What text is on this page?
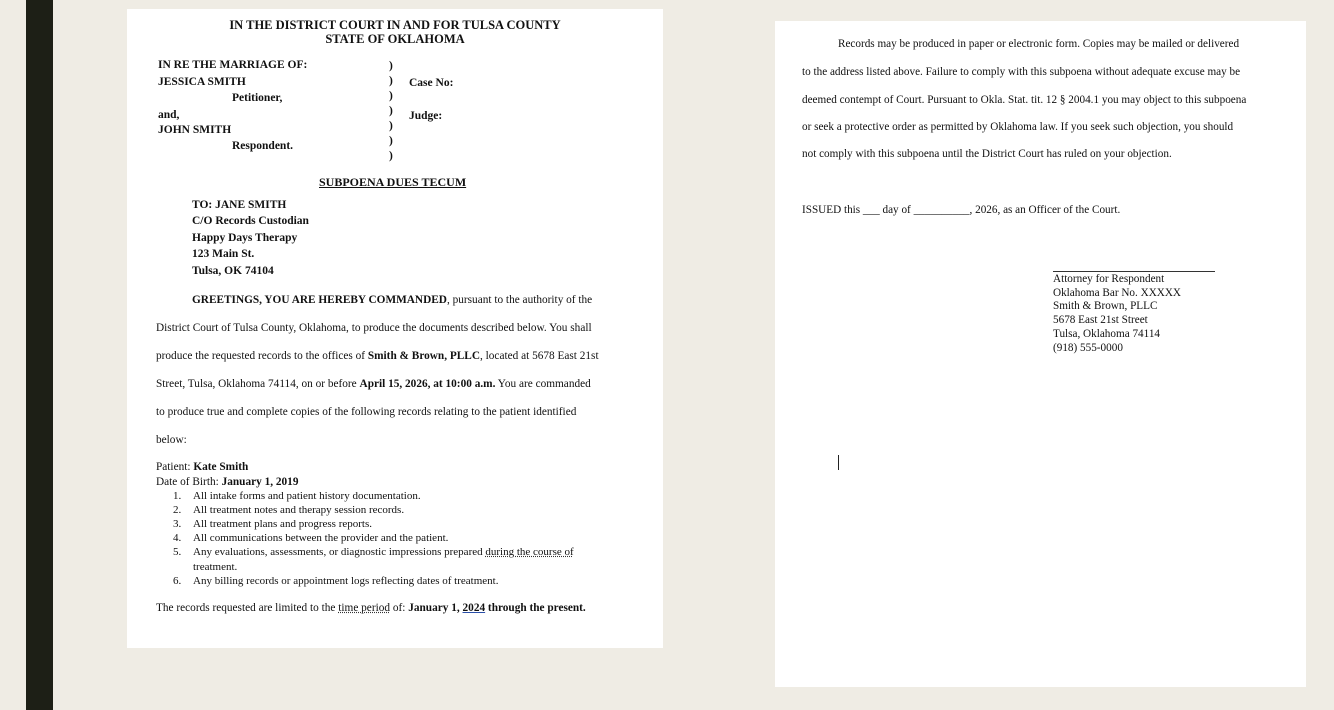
IN THE DISTRICT COURT IN AND FOR TULSA COUNTY
STATE OF OKLAHOMA
IN RE THE MARRIAGE OF:
JESSICA SMITH
Petitioner,
and,
JOHN SMITH
Respondent.
)
)
)
)
)
)
)
Case No:
Judge:
SUBPOENA DUES TECUM
TO: JANE SMITH
C/O Records Custodian
Happy Days Therapy
123 Main St.
Tulsa, OK 74104
GREETINGS, YOU ARE HEREBY COMMANDED, pursuant to the authority of the
District Court of Tulsa County, Oklahoma, to produce the documents described below. You shall
produce the requested records to the offices of Smith & Brown, PLLC, located at 5678 East 21st
Street, Tulsa, Oklahoma 74114, on or before April 15, 2026, at 10:00 a.m. You are commanded
to produce true and complete copies of the following records relating to the patient identified
below:
Patient: Kate Smith
Date of Birth: January 1, 2019
1. All intake forms and patient history documentation.
2. All treatment notes and therapy session records.
3. All treatment plans and progress reports.
4. All communications between the provider and the patient.
5. Any evaluations, assessments, or diagnostic impressions prepared during the course of
treatment.
6. Any billing records or appointment logs reflecting dates of treatment.
The records requested are limited to the time period of: January 1, 2024 through the present.
Records may be produced in paper or electronic form. Copies may be mailed or delivered
to the address listed above. Failure to comply with this subpoena without adequate excuse may be
deemed contempt of Court. Pursuant to Okla. Stat. tit. 12 § 2004.1 you may object to this subpoena
or seek a protective order as permitted by Oklahoma law. If you seek such objection, you should
not comply with this subpoena until the District Court has ruled on your objection.
ISSUED this ___ day of __________, 2026, as an Officer of the Court.
Attorney for Respondent
Oklahoma Bar No. XXXXX
Smith & Brown, PLLC
5678 East 21st Street
Tulsa, Oklahoma 74114
(918) 555-0000
